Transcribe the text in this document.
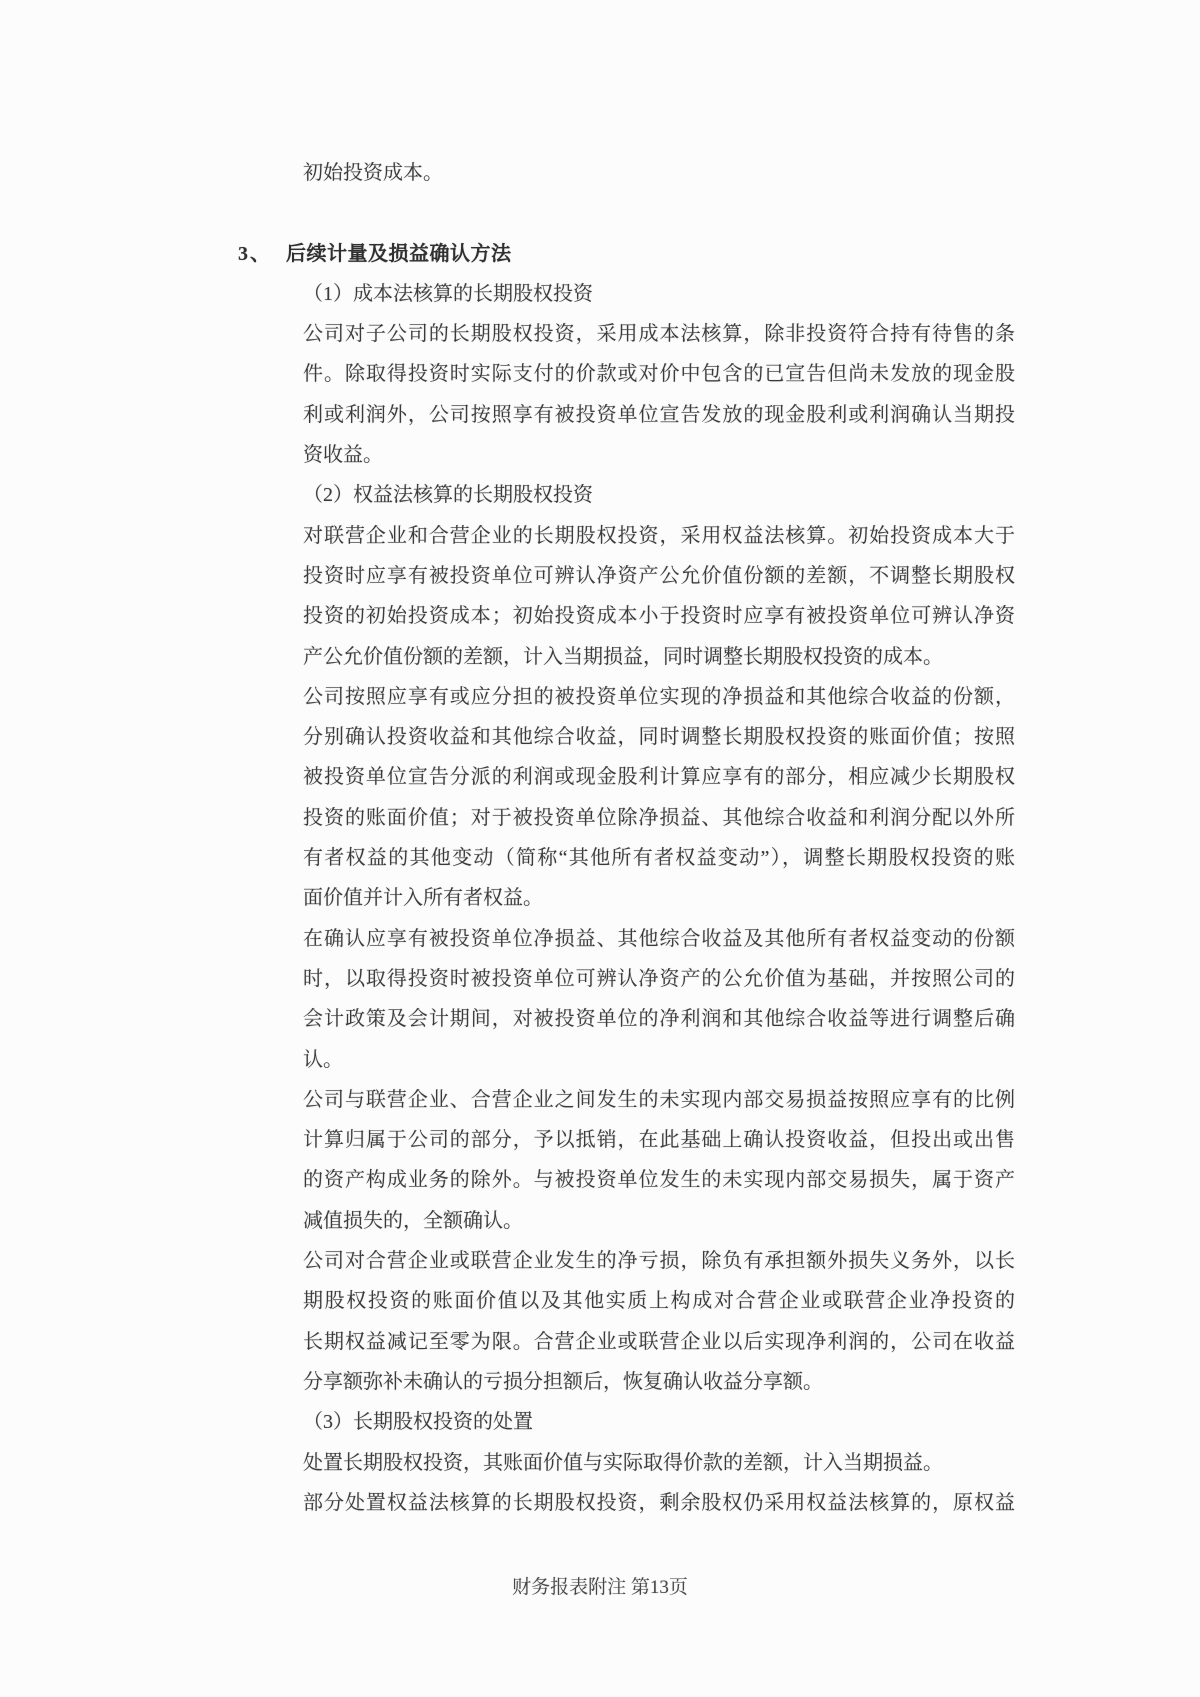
初始投资成本。
3、 后续计量及损益确认方法
（1）成本法核算的长期股权投资
公司对子公司的长期股权投资，采用成本法核算，除非投资符合持有待售的条
件。除取得投资时实际支付的价款或对价中包含的已宣告但尚未发放的现金股
利或利润外，公司按照享有被投资单位宣告发放的现金股利或利润确认当期投
资收益。
（2）权益法核算的长期股权投资
对联营企业和合营企业的长期股权投资，采用权益法核算。初始投资成本大于
投资时应享有被投资单位可辨认净资产公允价值份额的差额，不调整长期股权
投资的初始投资成本；初始投资成本小于投资时应享有被投资单位可辨认净资
产公允价值份额的差额，计入当期损益，同时调整长期股权投资的成本。
公司按照应享有或应分担的被投资单位实现的净损益和其他综合收益的份额，
分别确认投资收益和其他综合收益，同时调整长期股权投资的账面价值；按照
被投资单位宣告分派的利润或现金股利计算应享有的部分，相应减少长期股权
投资的账面价值；对于被投资单位除净损益、其他综合收益和利润分配以外所
有者权益的其他变动（简称“其他所有者权益变动”），调整长期股权投资的账
面价值并计入所有者权益。
在确认应享有被投资单位净损益、其他综合收益及其他所有者权益变动的份额
时，以取得投资时被投资单位可辨认净资产的公允价值为基础，并按照公司的
会计政策及会计期间，对被投资单位的净利润和其他综合收益等进行调整后确
认。
公司与联营企业、合营企业之间发生的未实现内部交易损益按照应享有的比例
计算归属于公司的部分，予以抵销，在此基础上确认投资收益，但投出或出售
的资产构成业务的除外。与被投资单位发生的未实现内部交易损失，属于资产
减值损失的，全额确认。
公司对合营企业或联营企业发生的净亏损，除负有承担额外损失义务外，以长
期股权投资的账面价值以及其他实质上构成对合营企业或联营企业净投资的
长期权益减记至零为限。合营企业或联营企业以后实现净利润的，公司在收益
分享额弥补未确认的亏损分担额后，恢复确认收益分享额。
（3）长期股权投资的处置
处置长期股权投资，其账面价值与实际取得价款的差额，计入当期损益。
部分处置权益法核算的长期股权投资，剩余股权仍采用权益法核算的，原权益
财务报表附注 第13页
